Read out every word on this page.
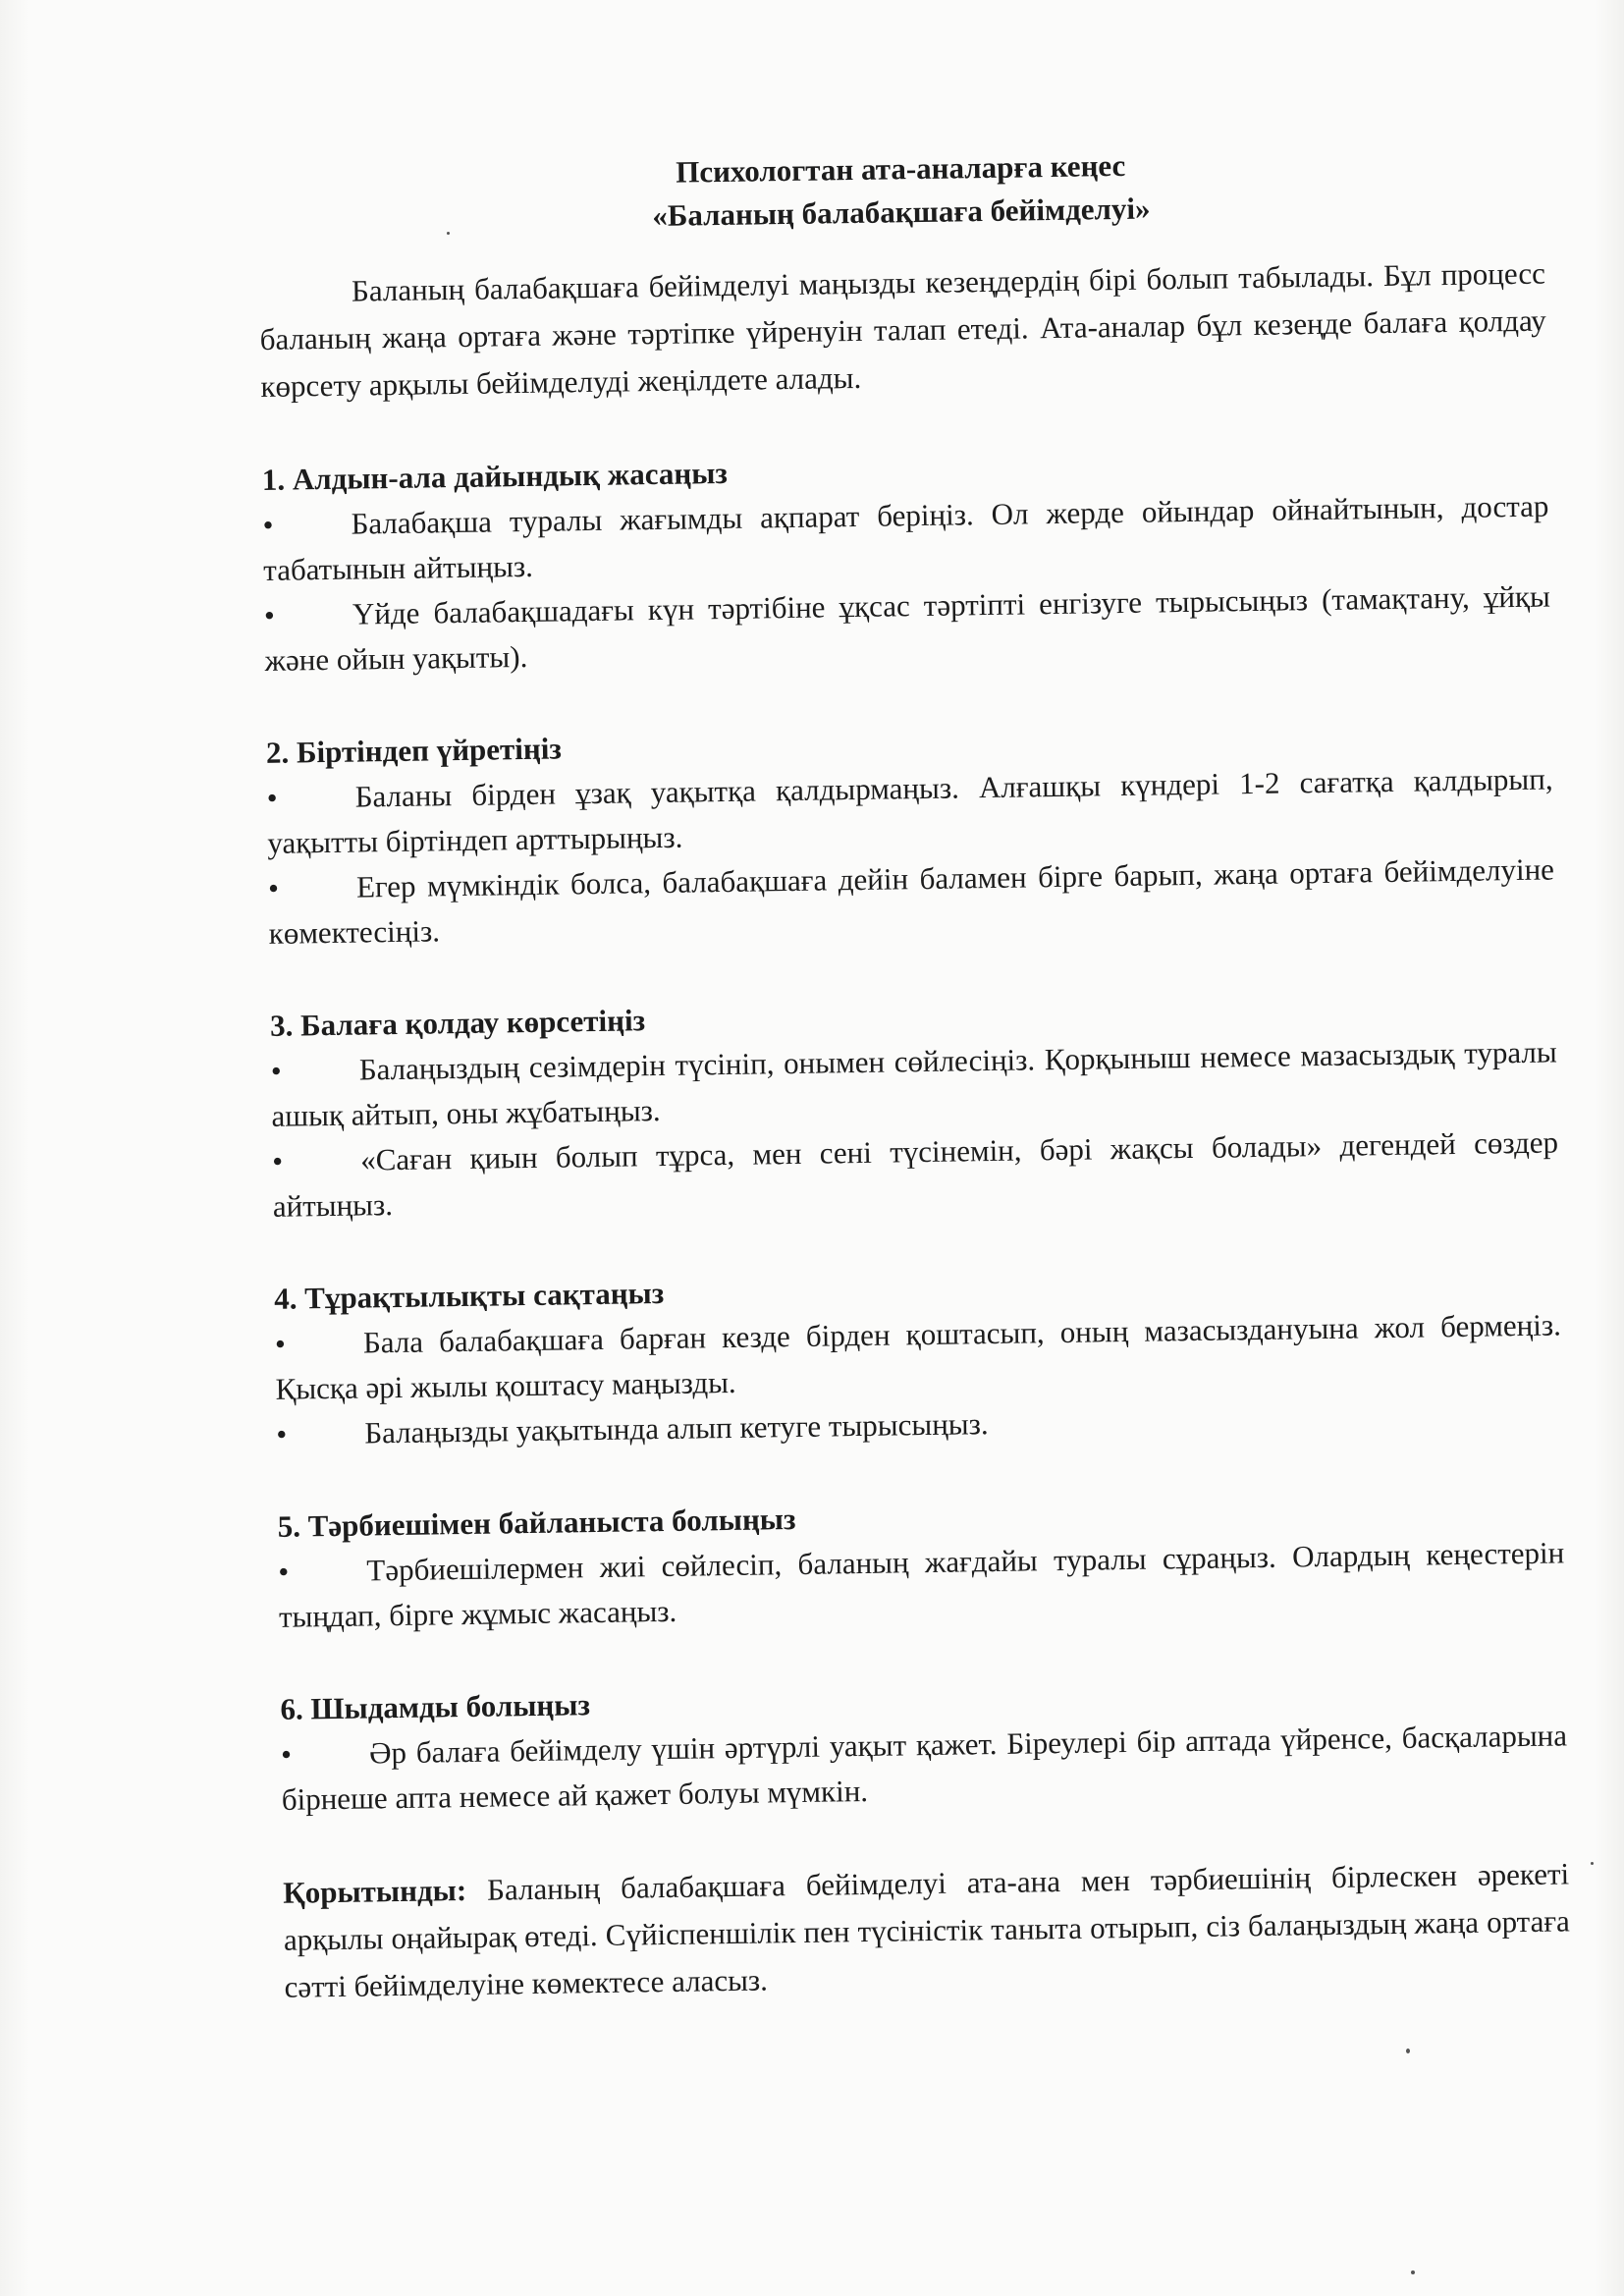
Психологтан ата-аналарға кеңес

«Баланың балабақшаға бейімделуі»

Баланың балабақшаға бейімделуі маңызды кезеңдердің бірі болып табылады. Бұл процесс баланың жаңа ортаға және тәртіпке үйренуін талап етеді. Ата-аналар бұл кезеңде балаға қолдау көрсету арқылы бейімделуді жеңілдете алады.

1. Алдын-ала дайындық жасаңыз

•	Балабақша туралы жағымды ақпарат беріңіз. Ол жерде ойындар ойнайтынын, достар табатынын айтыңыз.

•	Үйде балабақшадағы күн тәртібіне ұқсас тәртіпті енгізуге тырысыңыз (тамақтану, ұйқы және ойын уақыты).

2. Біртіндеп үйретіңіз

•	Баланы бірден ұзақ уақытқа қалдырмаңыз. Алғашқы күндері 1-2 сағатқа қалдырып, уақытты біртіндеп арттырыңыз.

•	Егер мүмкіндік болса, балабақшаға дейін баламен бірге барып, жаңа ортаға бейімделуіне көмектесіңіз.

3. Балаға қолдау көрсетіңіз

•	Балаңыздың сезімдерін түсініп, онымен сөйлесіңіз. Қорқыныш немесе мазасыздық туралы ашық айтып, оны жұбатыңыз.

•	«Саған қиын болып тұрса, мен сені түсінемін, бәрі жақсы болады» дегендей сөздер айтыңыз.

4. Тұрақтылықты сақтаңыз

•	Бала балабақшаға барған кезде бірден қоштасып, оның мазасыздануына жол бермеңіз. Қысқа әрі жылы қоштасу маңызды.

•	Балаңызды уақытында алып кетуге тырысыңыз.

5. Тәрбиешімен байланыста болыңыз

•	Тәрбиешілермен жиі сөйлесіп, баланың жағдайы туралы сұраңыз. Олардың кеңестерін тыңдап, бірге жұмыс жасаңыз.

6. Шыдамды болыңыз

•	Әр балаға бейімделу үшін әртүрлі уақыт қажет. Біреулері бір аптада үйренсе, басқаларына бірнеше апта немесе ай қажет болуы мүмкін.

Қорытынды: Баланың балабақшаға бейімделуі ата-ана мен тәрбиешінің бірлескен әрекеті арқылы оңайырақ өтеді. Сүйіспеншілік пен түсіністік таныта отырып, сіз балаңыздың жаңа ортаға сәтті бейімделуіне көмектесе аласыз.
